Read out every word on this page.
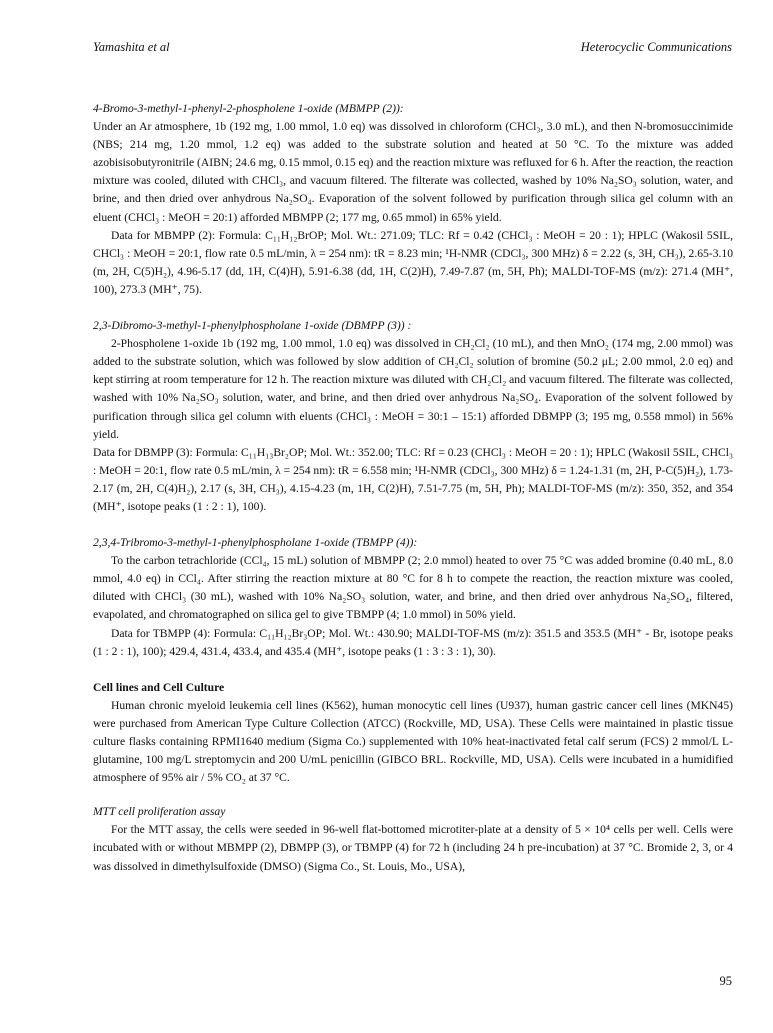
Yamashita et al	Heterocyclic Communications

4-Bromo-3-methyl-1-phenyl-2-phospholene 1-oxide (MBMPP (2)):

Under an Ar atmosphere, 1b (192 mg, 1.00 mmol, 1.0 eq) was dissolved in chloroform (CHCl₃, 3.0 mL), and then N-bromosuccinimide (NBS; 214 mg, 1.20 mmol, 1.2 eq) was added to the substrate solution and heated at 50 °C. To the mixture was added azobisisobutyronitrile (AIBN; 24.6 mg, 0.15 mmol, 0.15 eq) and the reaction mixture was refluxed for 6 h. After the reaction, the reaction mixture was cooled, diluted with CHCl₃, and vacuum filtered. The filterate was collected, washed by 10% Na₂SO₃ solution, water, and brine, and then dried over anhydrous Na₂SO₄. Evaporation of the solvent followed by purification through silica gel column with an eluent (CHCl₃ : MeOH = 20:1) afforded MBMPP (2; 177 mg, 0.65 mmol) in 65% yield.

Data for MBMPP (2): Formula: C₁₁H₁₂BrOP; Mol. Wt.: 271.09; TLC: Rf = 0.42 (CHCl₃ : MeOH = 20 : 1); HPLC (Wakosil 5SIL, CHCl₃ : MeOH = 20:1, flow rate 0.5 mL/min, λ = 254 nm): tR = 8.23 min; ¹H-NMR (CDCl₃, 300 MHz) δ = 2.22 (s, 3H, CH₃), 2.65-3.10 (m, 2H, C(5)H₂), 4.96-5.17 (dd, 1H, C(4)H), 5.91-6.38 (dd, 1H, C(2)H), 7.49-7.87 (m, 5H, Ph); MALDI-TOF-MS (m/z): 271.4 (MH⁺, 100), 273.3 (MH⁺, 75).

2,3-Dibromo-3-methyl-1-phenylphospholane 1-oxide (DBMPP (3)) :

2-Phospholene 1-oxide 1b (192 mg, 1.00 mmol, 1.0 eq) was dissolved in CH₂Cl₂ (10 mL), and then MnO₂ (174 mg, 2.00 mmol) was added to the substrate solution, which was followed by slow addition of CH₂Cl₂ solution of bromine (50.2 μL; 2.00 mmol, 2.0 eq) and kept stirring at room temperature for 12 h. The reaction mixture was diluted with CH₂Cl₂ and vacuum filtered. The filterate was collected, washed with 10% Na₂SO₃ solution, water, and brine, and then dried over anhydrous Na₂SO₄. Evaporation of the solvent followed by purification through silica gel column with eluents (CHCl₃ : MeOH = 30:1 – 15:1) afforded DBMPP (3; 195 mg, 0.558 mmol) in 56% yield.

Data for DBMPP (3): Formula: C₁₁H₁₃Br₂OP; Mol. Wt.: 352.00; TLC: Rf = 0.23 (CHCl₃ : MeOH = 20 : 1); HPLC (Wakosil 5SIL, CHCl₃ : MeOH = 20:1, flow rate 0.5 mL/min, λ = 254 nm): tR = 6.558 min; ¹H-NMR (CDCl₃, 300 MHz) δ = 1.24-1.31 (m, 2H, P-C(5)H₂), 1.73-2.17 (m, 2H, C(4)H₂), 2.17 (s, 3H, CH₃), 4.15-4.23 (m, 1H, C(2)H), 7.51-7.75 (m, 5H, Ph); MALDI-TOF-MS (m/z): 350, 352, and 354 (MH⁺, isotope peaks (1 : 2 : 1), 100).

2,3,4-Tribromo-3-methyl-1-phenylphospholane 1-oxide (TBMPP (4)):

To the carbon tetrachloride (CCl₄, 15 mL) solution of MBMPP (2; 2.0 mmol) heated to over 75 °C was added bromine (0.40 mL, 8.0 mmol, 4.0 eq) in CCl₄. After stirring the reaction mixture at 80 °C for 8 h to compete the reaction, the reaction mixture was cooled, diluted with CHCl₃ (30 mL), washed with 10% Na₂SO₃ solution, water, and brine, and then dried over anhydrous Na₂SO₄, filtered, evapolated, and chromatographed on silica gel to give TBMPP (4; 1.0 mmol) in 50% yield.

Data for TBMPP (4): Formula: C₁₁H₁₂Br₃OP; Mol. Wt.: 430.90; MALDI-TOF-MS (m/z): 351.5 and 353.5 (MH⁺ - Br, isotope peaks (1 : 2 : 1), 100); 429.4, 431.4, 433.4, and 435.4 (MH⁺, isotope peaks (1 : 3 : 3 : 1), 30).

Cell lines and Cell Culture

Human chronic myeloid leukemia cell lines (K562), human monocytic cell lines (U937), human gastric cancer cell lines (MKN45) were purchased from American Type Culture Collection (ATCC) (Rockville, MD, USA). These Cells were maintained in plastic tissue culture flasks containing RPMI1640 medium (Sigma Co.) supplemented with 10% heat-inactivated fetal calf serum (FCS) 2 mmol/L L-glutamine, 100 mg/L streptomycin and 200 U/mL penicillin (GIBCO BRL. Rockville, MD, USA). Cells were incubated in a humidified atmosphere of 95% air / 5% CO₂ at 37 °C.

MTT cell proliferation assay

For the MTT assay, the cells were seeded in 96-well flat-bottomed microtiter-plate at a density of 5 × 10⁴ cells per well. Cells were incubated with or without MBMPP (2), DBMPP (3), or TBMPP (4) for 72 h (including 24 h pre-incubation) at 37 °C. Bromide 2, 3, or 4 was dissolved in dimethylsulfoxide (DMSO) (Sigma Co., St. Louis, Mo., USA),

95
